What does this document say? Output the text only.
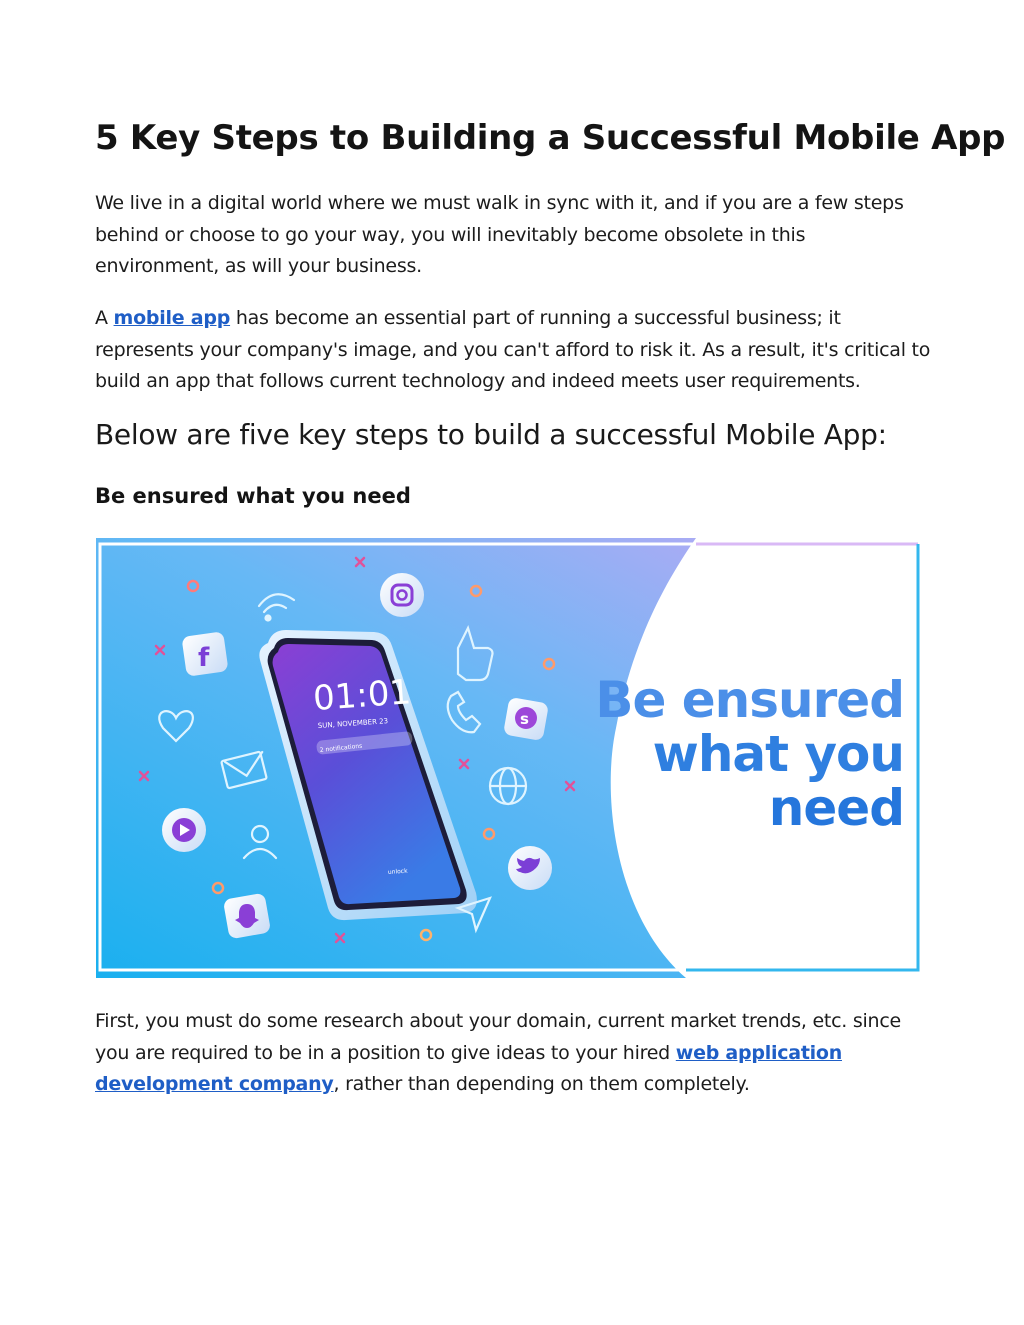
5 Key Steps to Building a Successful Mobile App

We live in a digital world where we must walk in sync with it, and if you are a few steps behind or choose to go your way, you will inevitably become obsolete in this environment, as will your business.

A mobile app has become an essential part of running a successful business; it represents your company's image, and you can't afford to risk it. As a result, it's critical to build an app that follows current technology and indeed meets user requirements.

Below are five key steps to build a successful Mobile App:
Be ensured what you need
01:01
SUN, NOVEMBER 23
2 notifications
unlock
f
s Be ensured
what you
need

First, you must do some research about your domain, current market trends, etc. since you are required to be in a position to give ideas to your hired web application development company, rather than depending on them completely.
